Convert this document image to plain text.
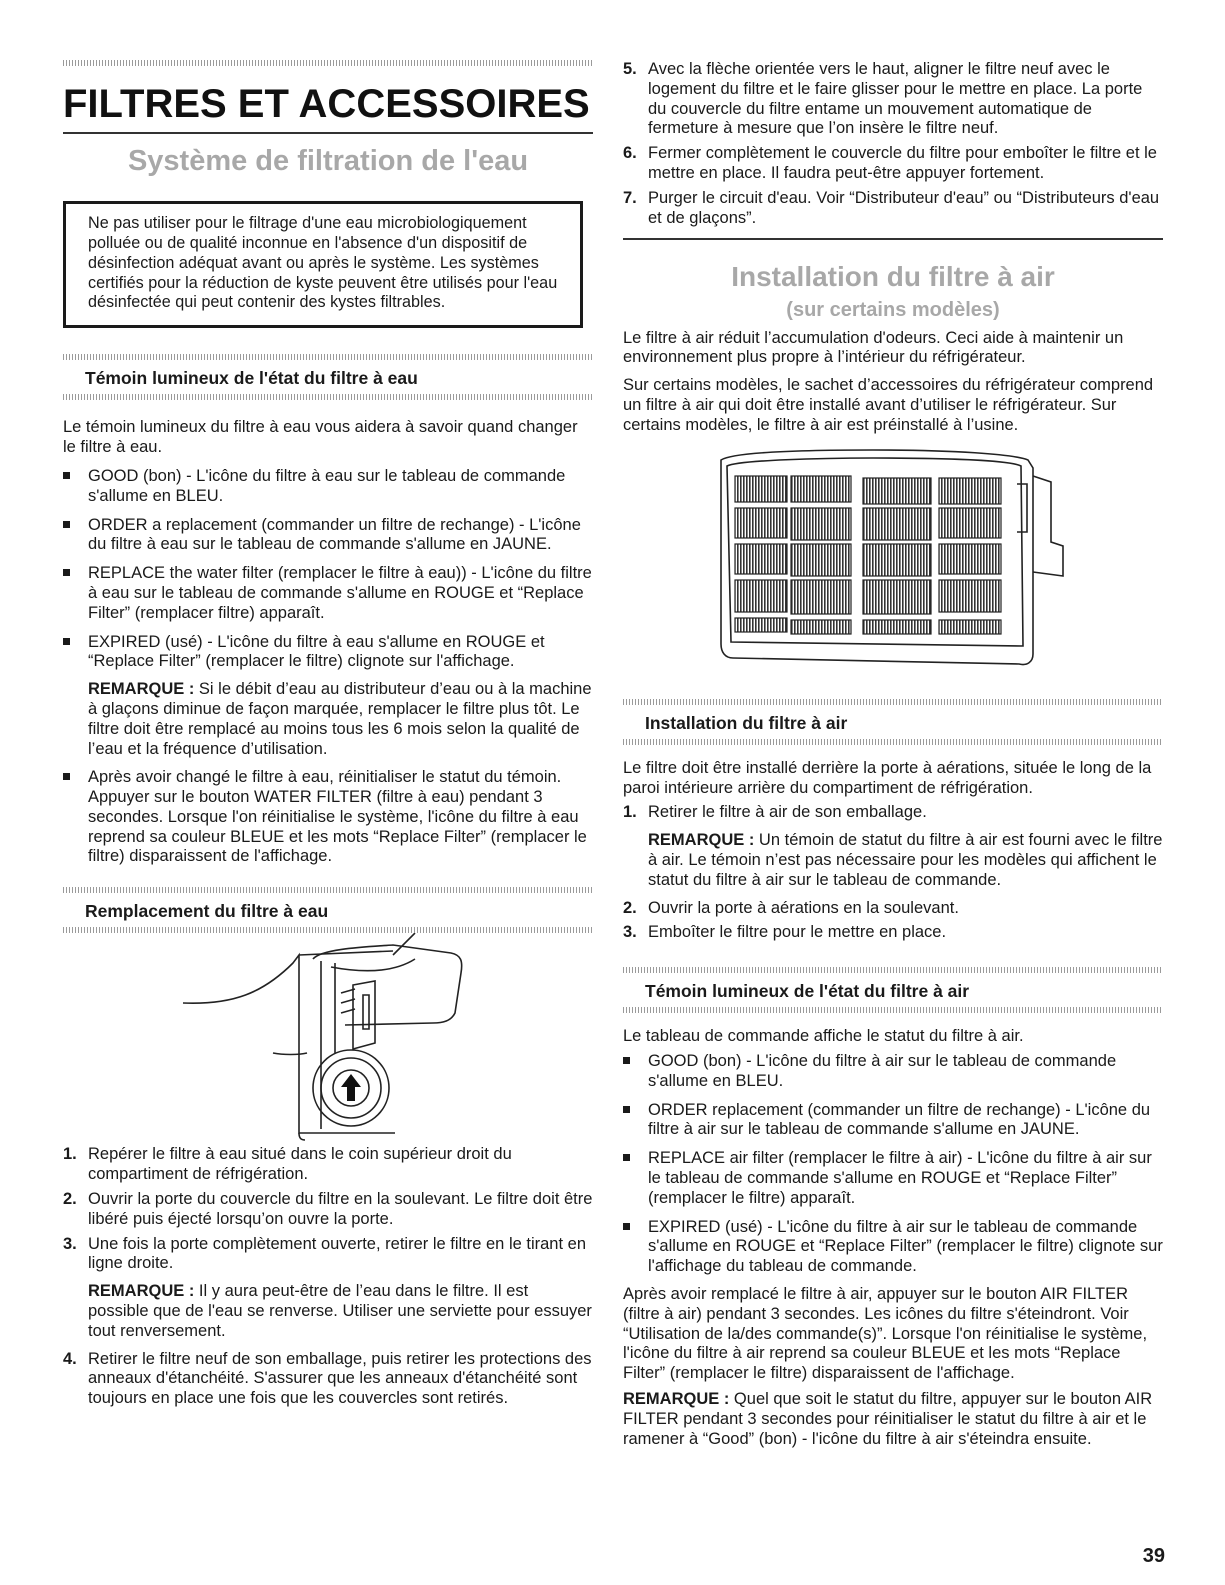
FILTRES ET ACCESSOIRES
Système de filtration de l'eau

Ne pas utiliser pour le filtrage d'une eau microbiologiquement polluée ou de qualité inconnue en l'absence d'un dispositif de désinfection adéquat avant ou après le système. Les systèmes certifiés pour la réduction de kyste peuvent être utilisés pour l'eau désinfectée qui peut contenir des kystes filtrables.

Témoin lumineux de l'état du filtre à eau

Le témoin lumineux du filtre à eau vous aidera à savoir quand changer le filtre à eau.

GOOD (bon) - L'icône du filtre à eau sur le tableau de commande s'allume en BLEU.
ORDER a replacement (commander un filtre de rechange) - L'icône du filtre à eau sur le tableau de commande s'allume en JAUNE.
REPLACE the water filter (remplacer le filtre à eau)) - L'icône du filtre à eau sur le tableau de commande s'allume en ROUGE et “Replace Filter” (remplacer filtre) apparaît.
EXPIRED (usé) - L'icône du filtre à eau s'allume en ROUGE et “Replace Filter” (remplacer le filtre) clignote sur l'affichage.

REMARQUE : Si le débit d’eau au distributeur d’eau ou à la machine à glaçons diminue de façon marquée, remplacer le filtre plus tôt. Le filtre doit être remplacé au moins tous les 6 mois selon la qualité de l’eau et la fréquence d’utilisation.

Après avoir changé le filtre à eau, réinitialiser le statut du témoin. Appuyer sur le bouton WATER FILTER (filtre à eau) pendant 3 secondes. Lorsque l'on réinitialise le système, l'icône du filtre à eau reprend sa couleur BLEUE et les mots “Replace Filter” (remplacer le filtre) disparaissent de l'affichage.
Remplacement du filtre à eau
1. Repérer le filtre à eau situé dans le coin supérieur droit du compartiment de réfrigération.
2. Ouvrir la porte du couvercle du filtre en la soulevant. Le filtre doit être libéré puis éjecté lorsqu’on ouvre la porte.
3. Une fois la porte complètement ouverte, retirer le filtre en le tirant en ligne droite.

REMARQUE : Il y aura peut-être de l’eau dans le filtre. Il est possible que de l'eau se renverse. Utiliser une serviette pour essuyer tout renversement.

4. Retirer le filtre neuf de son emballage, puis retirer les protections des anneaux d'étanchéité. S'assurer que les anneaux d'étanchéité sont toujours en place une fois que les couvercles sont retirés.
5. Avec la flèche orientée vers le haut, aligner le filtre neuf avec le logement du filtre et le faire glisser pour le mettre en place. La porte du couvercle du filtre entame un mouvement automatique de fermeture à mesure que l’on insère le filtre neuf.
6. Fermer complètement le couvercle du filtre pour emboîter le filtre et le mettre en place. Il faudra peut-être appuyer fortement.
7. Purger le circuit d'eau. Voir “Distributeur d'eau” ou “Distributeurs d'eau et de glaçons”.
Installation du filtre à air
(sur certains modèles)

Le filtre à air réduit l’accumulation d'odeurs. Ceci aide à maintenir un environnement plus propre à l’intérieur du réfrigérateur.

Sur certains modèles, le sachet d’accessoires du réfrigérateur comprend un filtre à air qui doit être installé avant d’utiliser le réfrigérateur. Sur certains modèles, le filtre à air est préinstallé à l’usine.

Installation du filtre à air

Le filtre doit être installé derrière la porte à aérations, située le long de la paroi intérieure arrière du compartiment de réfrigération.

1. Retirer le filtre à air de son emballage.

REMARQUE : Un témoin de statut du filtre à air est fourni avec le filtre à air. Le témoin n’est pas nécessaire pour les modèles qui affichent le statut du filtre à air sur le tableau de commande.

2. Ouvrir la porte à aérations en la soulevant.
3. Emboîter le filtre pour le mettre en place.
Témoin lumineux de l'état du filtre à air

Le tableau de commande affiche le statut du filtre à air.

GOOD (bon) - L'icône du filtre à air sur le tableau de commande s'allume en BLEU.
ORDER replacement (commander un filtre de rechange) - L'icône du filtre à air sur le tableau de commande s'allume en JAUNE.
REPLACE air filter (remplacer le filtre à air) - L'icône du filtre à air sur le tableau de commande s'allume en ROUGE et “Replace Filter” (remplacer le filtre) apparaît.
EXPIRED (usé) - L'icône du filtre à air sur le tableau de commande s'allume en ROUGE et “Replace Filter” (remplacer le filtre) clignote sur l'affichage du tableau de commande.

Après avoir remplacé le filtre à air, appuyer sur le bouton AIR FILTER (filtre à air) pendant 3 secondes. Les icônes du filtre s'éteindront. Voir “Utilisation de la/des commande(s)”. Lorsque l'on réinitialise le système, l'icône du filtre à air reprend sa couleur BLEUE et les mots “Replace Filter” (remplacer le filtre) disparaissent de l'affichage.

REMARQUE : Quel que soit le statut du filtre, appuyer sur le bouton AIR FILTER pendant 3 secondes pour réinitialiser le statut du filtre à air et le ramener à “Good” (bon) - l'icône du filtre à air s'éteindra ensuite.

39
